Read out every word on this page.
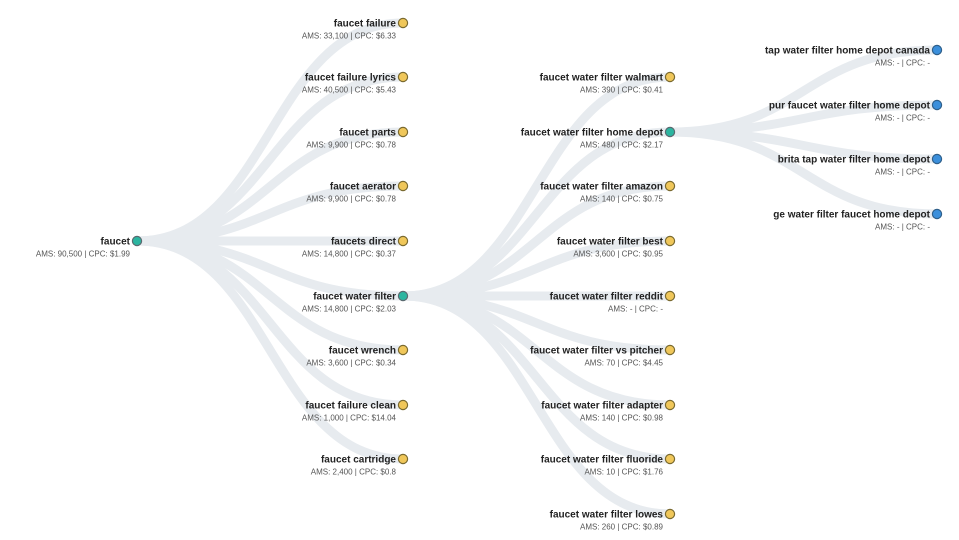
faucet
AMS: 90,500 | CPC: $1.99
faucet failure
AMS: 33,100 | CPC: $6.33
faucet failure lyrics
AMS: 40,500 | CPC: $5.43
faucet parts
AMS: 9,900 | CPC: $0.78
faucet aerator
AMS: 9,900 | CPC: $0.78
faucets direct
AMS: 14,800 | CPC: $0.37
faucet water filter
AMS: 14,800 | CPC: $2.03
faucet water filter walmart
AMS: 390 | CPC: $0.41
faucet water filter home depot
AMS: 480 | CPC: $2.17
tap water filter home depot canada
AMS: - | CPC: -
pur faucet water filter home depot
AMS: - | CPC: -
brita tap water filter home depot
AMS: - | CPC: -
ge water filter faucet home depot
AMS: - | CPC: -
faucet water filter amazon
AMS: 140 | CPC: $0.75
faucet water filter best
AMS: 3,600 | CPC: $0.95
faucet water filter reddit
AMS: - | CPC: -
faucet water filter vs pitcher
AMS: 70 | CPC: $4.45
faucet water filter adapter
AMS: 140 | CPC: $0.98
faucet water filter fluoride
AMS: 10 | CPC: $1.76
faucet water filter lowes
AMS: 260 | CPC: $0.89
faucet wrench
AMS: 3,600 | CPC: $0.34
faucet failure clean
AMS: 1,000 | CPC: $14.04
faucet cartridge
AMS: 2,400 | CPC: $0.8
